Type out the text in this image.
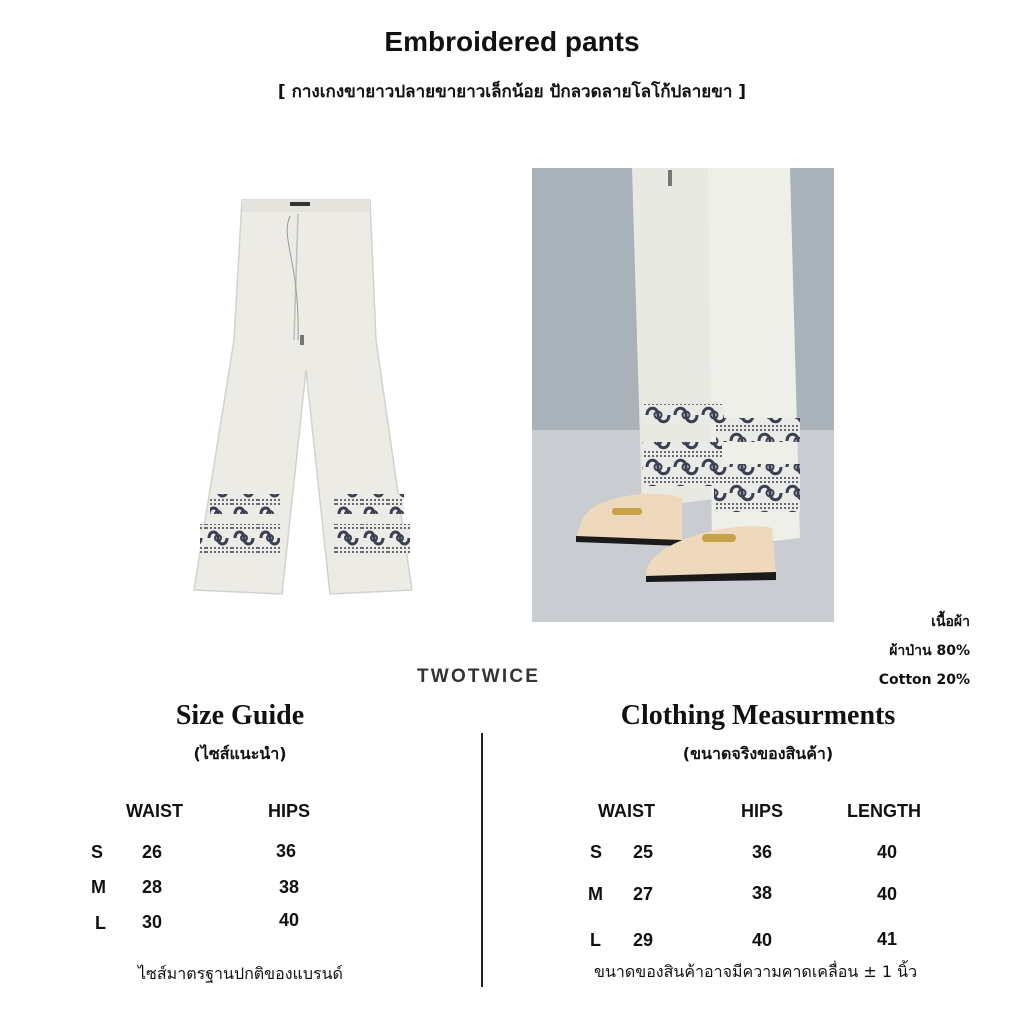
Embroidered pants
[ กางเกงขายาวปลายขายาวเล็กน้อย ปักลวดลายโลโก้ปลายขา ]
เนื้อผ้า
ผ้าป่าน 80%
Cotton 20%
TWOTWICE
Size Guide
(ไซส์แนะนำ)
WAIST	HIPS
S 26	36
M 28	38
L 30	40
ไซส์มาตรฐานปกติของแบรนด์
Clothing Measurments
(ขนาดจริงของสินค้า)
WAIST	HIPS	LENGTH
S 25	36	40
M 27	38	40
L 29	40	41
ขนาดของสินค้าอาจมีความคาดเคลื่อน ± 1 นิ้ว
